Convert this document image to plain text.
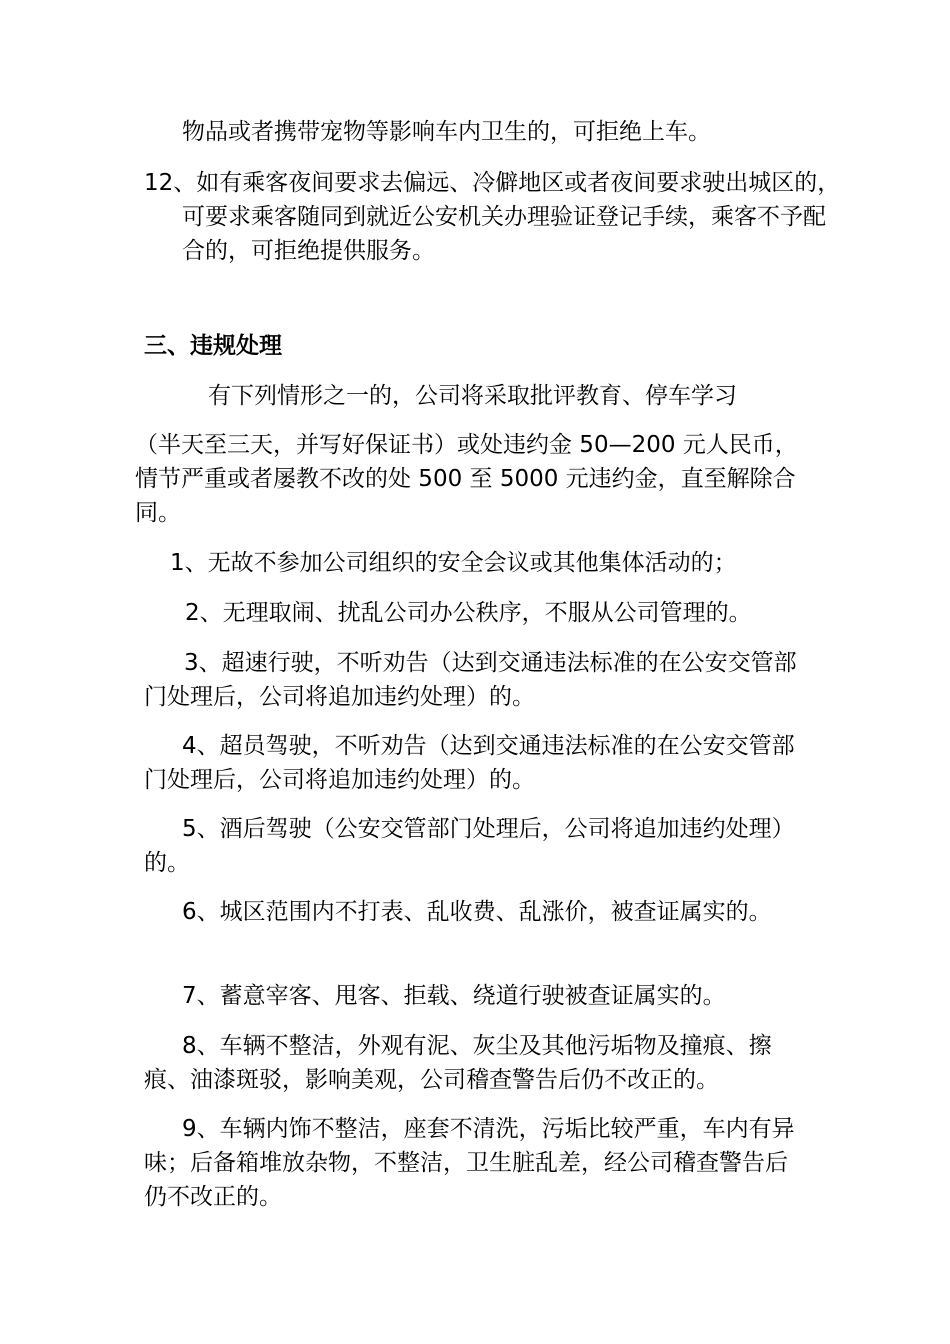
物品或者携带宠物等影响车内卫生的，可拒绝上车。

12、如有乘客夜间要求去偏远、冷僻地区或者夜间要求驶出城区的，可要求乘客随同到就近公安机关办理验证登记手续，乘客不予配合的，可拒绝提供服务。

三、违规处理

有下列情形之一的，公司将采取批评教育、停车学习

（半天至三天，并写好保证书）或处违约金 50—200 元人民币，情节严重或者屡教不改的处 500 至 5000 元违约金，直至解除合同。

1、无故不参加公司组织的安全会议或其他集体活动的；

2、无理取闹、扰乱公司办公秩序，不服从公司管理的。

3、超速行驶，不听劝告（达到交通违法标准的在公安交管部门处理后，公司将追加违约处理）的。

4、超员驾驶，不听劝告（达到交通违法标准的在公安交管部门处理后，公司将追加违约处理）的。

5、酒后驾驶（公安交管部门处理后，公司将追加违约处理）的。

6、城区范围内不打表、乱收费、乱涨价，被查证属实的。

7、蓄意宰客、甩客、拒载、绕道行驶被查证属实的。

8、车辆不整洁，外观有泥、灰尘及其他污垢物及撞痕、擦痕、油漆斑驳，影响美观，公司稽查警告后仍不改正的。

9、车辆内饰不整洁，座套不清洗，污垢比较严重，车内有异味；后备箱堆放杂物，不整洁，卫生脏乱差，经公司稽查警告后仍不改正的。
